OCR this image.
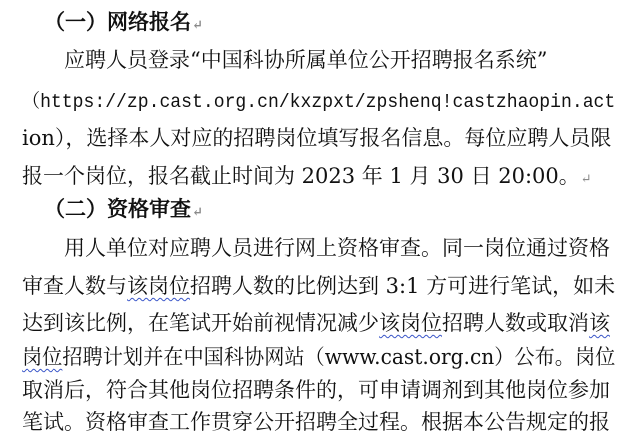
（一）网络报名↵
应聘人员登录“中国科协所属单位公开招聘报名系统”
（https://zp.cast.org.cn/kxzpxt/zpshenq!castzhaopin.act
ion），选择本人对应的招聘岗位填写报名信息。每位应聘人员限
报一个岗位，报名截止时间为 2023 年 1 月 30 日 20:00。↵
（二）资格审查↵
用人单位对应聘人员进行网上资格审查。同一岗位通过资格
审查人数与该岗位招聘人数的比例达到 3:1 方可进行笔试，如未
达到该比例，在笔试开始前视情况减少该岗位招聘人数或取消该
岗位招聘计划并在中国科协网站（www.cast.org.cn）公布。岗位
取消后，符合其他岗位招聘条件的，可申请调剂到其他岗位参加
笔试。资格审查工作贯穿公开招聘全过程。根据本公告规定的报
